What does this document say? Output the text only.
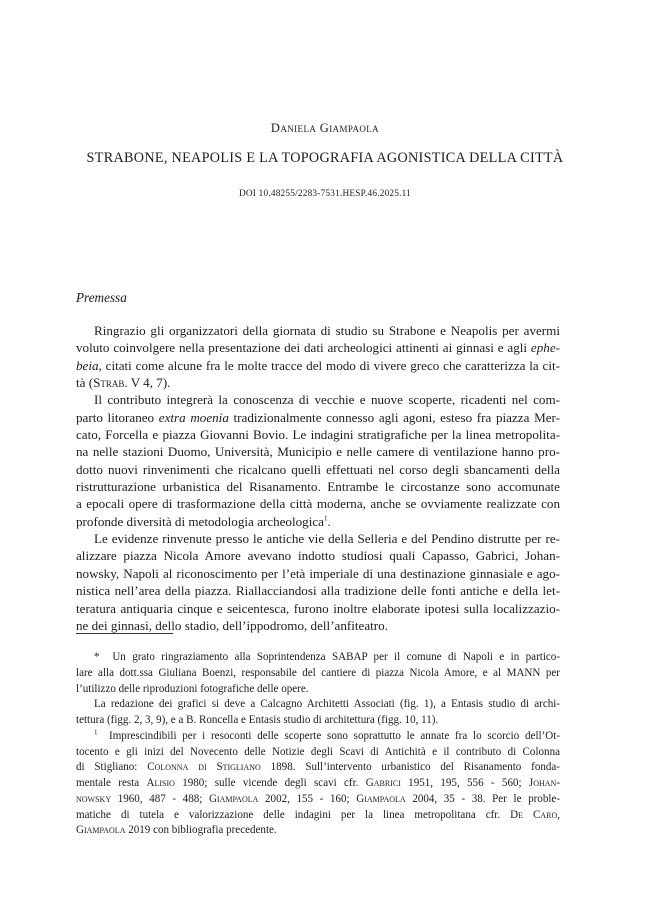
Daniela Giampaola
STRABONE, NEAPOLIS E LA TOPOGRAFIA AGONISTICA DELLA CITTÀ
DOI 10.48255/2283-7531.HESP.46.2025.11
Premessa
Ringrazio gli organizzatori della giornata di studio su Strabone e Neapolis per avermi
voluto coinvolgere nella presentazione dei dati archeologici attinenti ai ginnasi e agli ephe-
beia, citati come alcune fra le molte tracce del modo di vivere greco che caratterizza la cit-
tà (Strab. V 4, 7).
Il contributo integrerà la conoscenza di vecchie e nuove scoperte, ricadenti nel com-
parto litoraneo extra moenia tradizionalmente connesso agli agoni, esteso fra piazza Mer-
cato, Forcella e piazza Giovanni Bovio. Le indagini stratigrafiche per la linea metropolita-
na nelle stazioni Duomo, Università, Municipio e nelle camere di ventilazione hanno pro-
dotto nuovi rinvenimenti che ricalcano quelli effettuati nel corso degli sbancamenti della
ristrutturazione urbanistica del Risanamento. Entrambe le circostanze sono accomunate
a epocali opere di trasformazione della città moderna, anche se ovviamente realizzate con
profonde diversità di metodologia archeologica$^1$.
Le evidenze rinvenute presso le antiche vie della Selleria e del Pendino distrutte per re-
alizzare piazza Nicola Amore avevano indotto studiosi quali Capasso, Gabrici, Johan-
nowsky, Napoli al riconoscimento per l’età imperiale di una destinazione ginnasiale e ago-
nistica nell’area della piazza. Riallacciandosi alla tradizione delle fonti antiche e della let-
teratura antiquaria cinque e seicentesca, furono inoltre elaborate ipotesi sulla localizzazio-
ne dei ginnasi, dello stadio, dell’ippodromo, dell’anfiteatro.
* Un grato ringraziamento alla Soprintendenza SABAP per il comune di Napoli e in partico-
lare alla dott.ssa Giuliana Boenzi, responsabile del cantiere di piazza Nicola Amore, e al MANN per
l’utilizzo delle riproduzioni fotografiche delle opere.
La redazione dei grafici si deve a Calcagno Architetti Associati (fig. 1), a Entasis studio di archi-
tettura (figg. 2, 3, 9), e a B. Roncella e Entasis studio di architettura (figg. 10, 11).
$^1$ Imprescindibili per i resoconti delle scoperte sono soprattutto le annate fra lo scorcio dell’Ot-
tocento e gli inizi del Novecento delle Notizie degli Scavi di Antichità e il contributo di Colonna
di Stigliano: Colonna di Stigliano 1898. Sull’intervento urbanistico del Risanamento fonda-
mentale resta Alisio 1980; sulle vicende degli scavi cfr. Gabrici 1951, 195, 556 - 560; Johan-
nowsky 1960, 487 - 488; Giampaola 2002, 155 - 160; Giampaola 2004, 35 - 38. Per le proble-
matiche di tutela e valorizzazione delle indagini per la linea metropolitana cfr. De Caro,
Giampaola 2019 con bibliografia precedente.
